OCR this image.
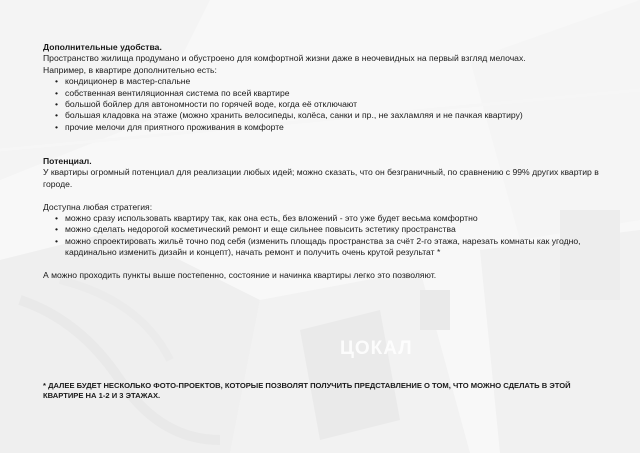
ЦОКАЛ

Дополнительные удобства.

Пространство жилища продумано и обустроено для комфортной жизни даже в неочевидных на первый взгляд мелочах.

Например, в квартире дополнительно есть:

• кондиционер в мастер-спальне
• собственная вентиляционная система по всей квартире
• большой бойлер для автономности по горячей воде, когда её отключают
• большая кладовка на этаже (можно хранить велосипеды, колёса, санки и пр., не захламляя и не пачкая квартиру)
• прочие мелочи для приятного проживания в комфорте

Потенциал.

У квартиры огромный потенциал для реализации любых идей; можно сказать, что он безграничный, по сравнению с 99% других квартир в городе.

Доступна любая стратегия:

• можно сразу использовать квартиру так, как она есть, без вложений - это уже будет весьма комфортно
• можно сделать недорогой косметический ремонт и еще сильнее повысить эстетику пространства
• можно спроектировать жильё точно под себя (изменить площадь пространства за счёт 2-го этажа, нарезать комнаты как угодно, кардинально изменить дизайн и концепт), начать ремонт и получить очень крутой результат *

А можно проходить пункты выше постепенно, состояние и начинка квартиры легко это позволяют.

* ДАЛЕЕ БУДЕТ НЕСКОЛЬКО ФОТО-ПРОЕКТОВ, КОТОРЫЕ ПОЗВОЛЯТ ПОЛУЧИТЬ ПРЕДСТАВЛЕНИЕ О ТОМ, ЧТО МОЖНО СДЕЛАТЬ В ЭТОЙ КВАРТИРЕ НА 1-2 И 3 ЭТАЖАХ.
